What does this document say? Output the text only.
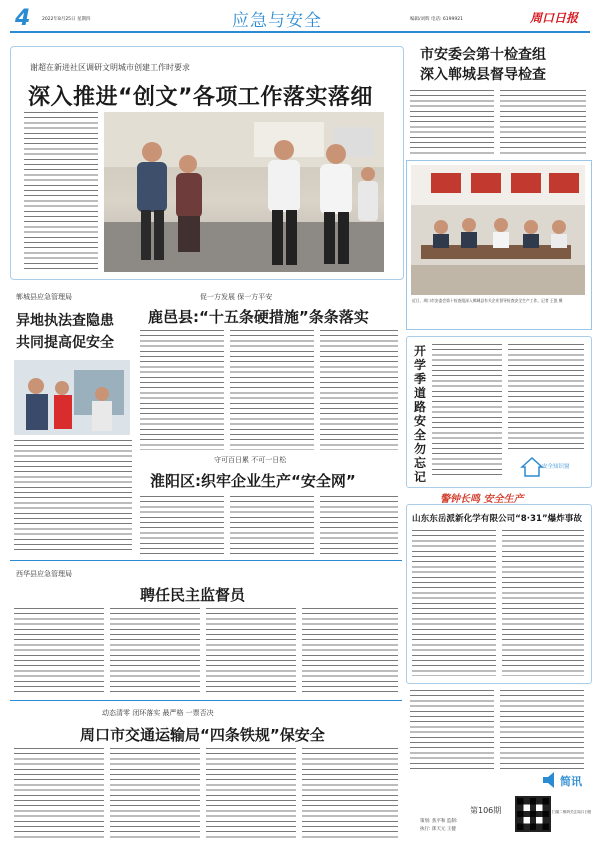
4	2022年8月25日 星期四	应急与安全	编辑/刘辉 电话: 6199921	周口日报
谢超在新进社区调研文明城市创建工作时要求
深入推进“创文”各项工作落实落细
市安委会第十检查组
深入郸城县督导检查
近日，周口市安委会第十检查组深入郸城县有关企业督导检查安全生产工作。记者 王凯 摄
郸城县应急管理局
异地执法查隐患
共同提高促安全
促一方发展 保一方平安
鹿邑县:“十五条硬措施”条条落实
开学季道路安全勿忘记
安全知识窗
守可百日累 不可一日松
淮阳区:织牢企业生产“安全网”
警钟长鸣 安全生产
山东东岳派新化学有限公司“8·31”爆炸事故
西华县应急管理局
聘任民主监督员
动态清零 闭环落实 最严格 一票否决
周口市交通运输局“四条铁规”保安全
简讯
第106期
策划: 焦平和 监制:
执行: 郎天元 王健
扫描二维码关注周口日报
